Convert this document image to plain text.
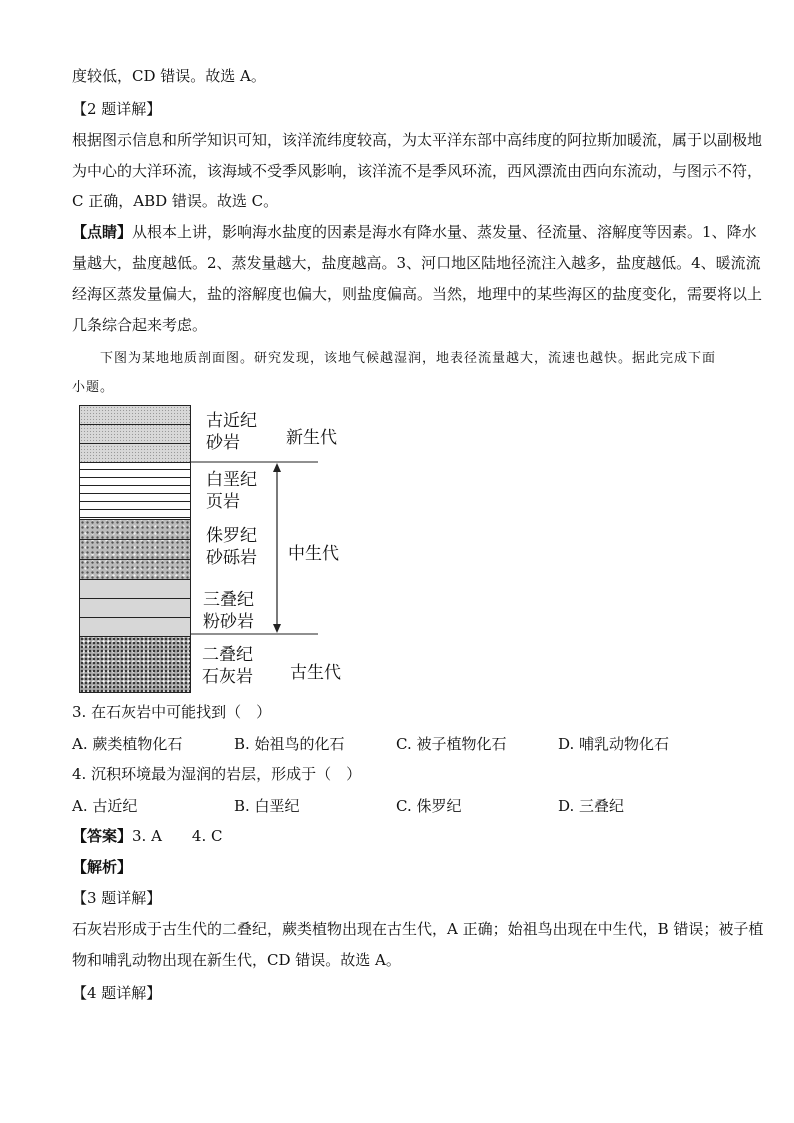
度较低，CD 错误。故选 A。
【2 题详解】
根据图示信息和所学知识可知，该洋流纬度较高，为太平洋东部中高纬度的阿拉斯加暖流，属于以副极地
为中心的大洋环流，该海域不受季风影响，该洋流不是季风环流，西风漂流由西向东流动，与图示不符，
C 正确，ABD 错误。故选 C。
【点睛】从根本上讲，影响海水盐度的因素是海水有降水量、蒸发量、径流量、溶解度等因素。1、降水
量越大，盐度越低。2、蒸发量越大，盐度越高。3、河口地区陆地径流注入越多，盐度越低。4、暖流流
经海区蒸发量偏大，盐的溶解度也偏大，则盐度偏高。当然，地理中的某些海区的盐度变化，需要将以上
几条综合起来考虑。
下图为某地地质剖面图。研究发现，该地气候越湿润，地表径流量越大，流速也越快。据此完成下面
小题。
古近纪
砂岩
白垩纪
页岩
侏罗纪
砂砾岩
三叠纪
粉砂岩
二叠纪
石灰岩
新生代
中生代
古生代
3. 在石灰岩中可能找到（　）
A. 蕨类植物化石	B. 始祖鸟的化石	C. 被子植物化石	D. 哺乳动物化石
4. 沉积环境最为湿润的岩层，形成于（　）
A. 古近纪	B. 白垩纪	C. 侏罗纪	D. 三叠纪
【答案】3. A　　4. C
【解析】
【3 题详解】
石灰岩形成于古生代的二叠纪，蕨类植物出现在古生代，A 正确；始祖鸟出现在中生代，B 错误；被子植
物和哺乳动物出现在新生代，CD 错误。故选 A。
【4 题详解】
